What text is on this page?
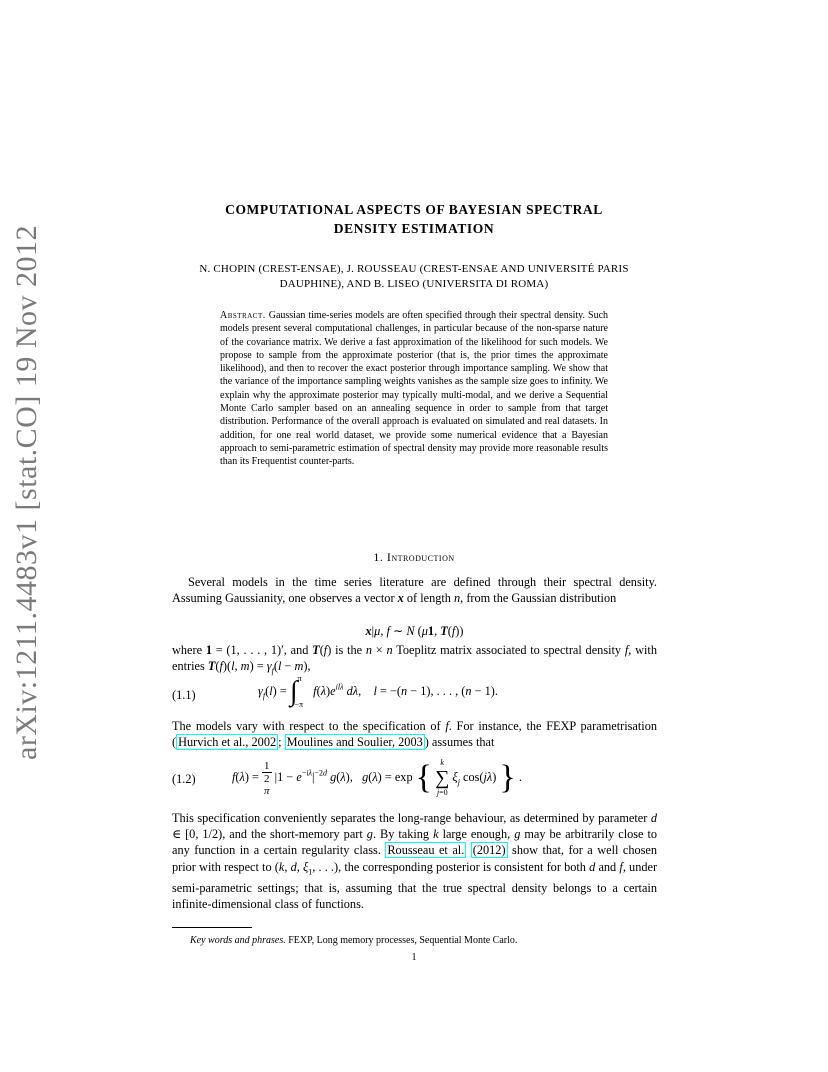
arXiv:1211.4483v1 [stat.CO] 19 Nov 2012
COMPUTATIONAL ASPECTS OF BAYESIAN SPECTRAL
DENSITY ESTIMATION
N. CHOPIN (CREST-ENSAE), J. ROUSSEAU (CREST-ENSAE AND UNIVERSITÉ PARIS
DAUPHINE), AND B. LISEO (UNIVERSITA DI ROMA)
Abstract. Gaussian time-series models are often specified through their spectral density. Such models present several computational challenges, in particular because of the non-sparse nature of the covariance matrix. We derive a fast approximation of the likelihood for such models. We propose to sample from the approximate posterior (that is, the prior times the approximate likelihood), and then to recover the exact posterior through importance sampling. We show that the variance of the importance sampling weights vanishes as the sample size goes to infinity. We explain why the approximate posterior may typically multi-modal, and we derive a Sequential Monte Carlo sampler based on an annealing sequence in order to sample from that target distribution. Performance of the overall approach is evaluated on simulated and real datasets. In addition, for one real world dataset, we provide some numerical evidence that a Bayesian approach to semi-parametric estimation of spectral density may provide more reasonable results than its Frequentist counter-parts.
1. Introduction
Several models in the time series literature are defined through their spectral density. Assuming Gaussianity, one observes a vector x of length n, from the Gaussian distribution
x|μ, f ∼ N (μ1, T(f))
where 1 = (1, . . . , 1)′, and T(f) is the n × n Toeplitz matrix associated to spectral density f, with entries T(f)(l, $m) = \gamma_f(l - m)$,
(1.1)	$\gamma_f(l) = \int^\pi_{-\pi}$ $f(\lambda)e^{il\lambda}$ dλ,    l = −(n − 1), . . . , (n − 1).
The models vary with respect to the specification of f. For instance, the FEXP parametrisation ( Hurvich et al., 2002 ; Moulines and Soulier, 2003 ) assumes that
(1.2)	f(λ) = 1
2
π $|1 - e^{-i\lambda}|^{-2d}$ g(λ),   g(λ) = exp {	k
∑
j=0
$\xi_j$ cos(jλ) } .
This specification conveniently separates the long-range behaviour, as determined by parameter d ∈ [0, 1/2), and the short-memory part g. By taking k large enough, g may be arbitrarily close to any function in a certain regularity class. Rousseau et al. (2012) show that, for a well chosen prior with respect to (k, d, $\xi_1$, . . .), the corresponding posterior is consistent for both d and f, under semi-parametric settings; that is, assuming that the true spectral density belongs to a certain infinite-dimensional class of functions.
Key words and phrases. FEXP, Long memory processes, Sequential Monte Carlo.
1
